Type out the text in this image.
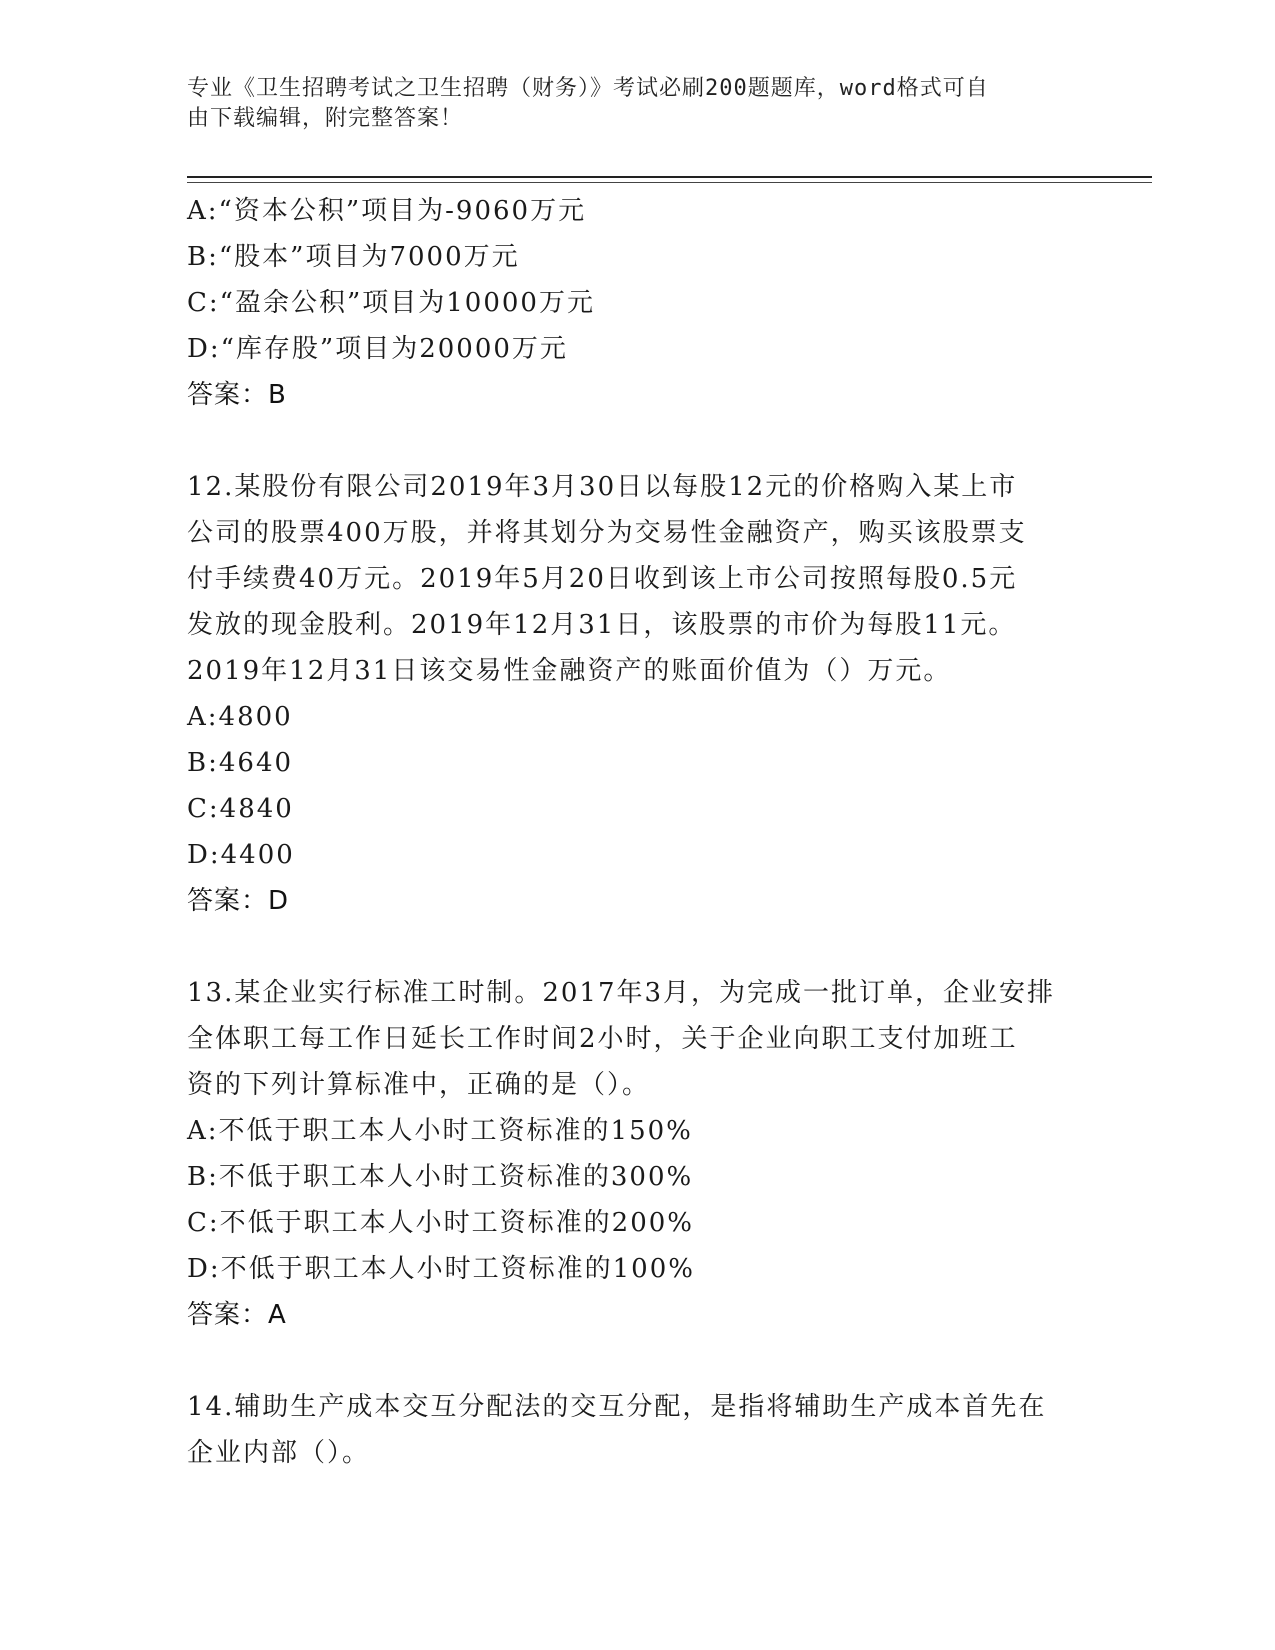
专业《卫生招聘考试之卫生招聘（财务）》考试必刷200题题库，word格式可自
由下载编辑，附完整答案！
A:“资本公积”项目为-9060万元
B:“股本”项目为7000万元
C:“盈余公积”项目为10000万元
D:“库存股”项目为20000万元
答案：B
12.某股份有限公司2019年3月30日以每股12元的价格购入某上市
公司的股票400万股，并将其划分为交易性金融资产，购买该股票支
付手续费40万元。2019年5月20日收到该上市公司按照每股0.5元
发放的现金股利。2019年12月31日，该股票的市价为每股11元。
2019年12月31日该交易性金融资产的账面价值为（）万元。
A:4800
B:4640
C:4840
D:4400
答案：D
13.某企业实行标准工时制。2017年3月，为完成一批订单，企业安排
全体职工每工作日延长工作时间2小时，关于企业向职工支付加班工
资的下列计算标准中，正确的是（）。
A:不低于职工本人小时工资标准的150%
B:不低于职工本人小时工资标准的300%
C:不低于职工本人小时工资标准的200%
D:不低于职工本人小时工资标准的100%
答案：A
14.辅助生产成本交互分配法的交互分配，是指将辅助生产成本首先在
企业内部（）。
